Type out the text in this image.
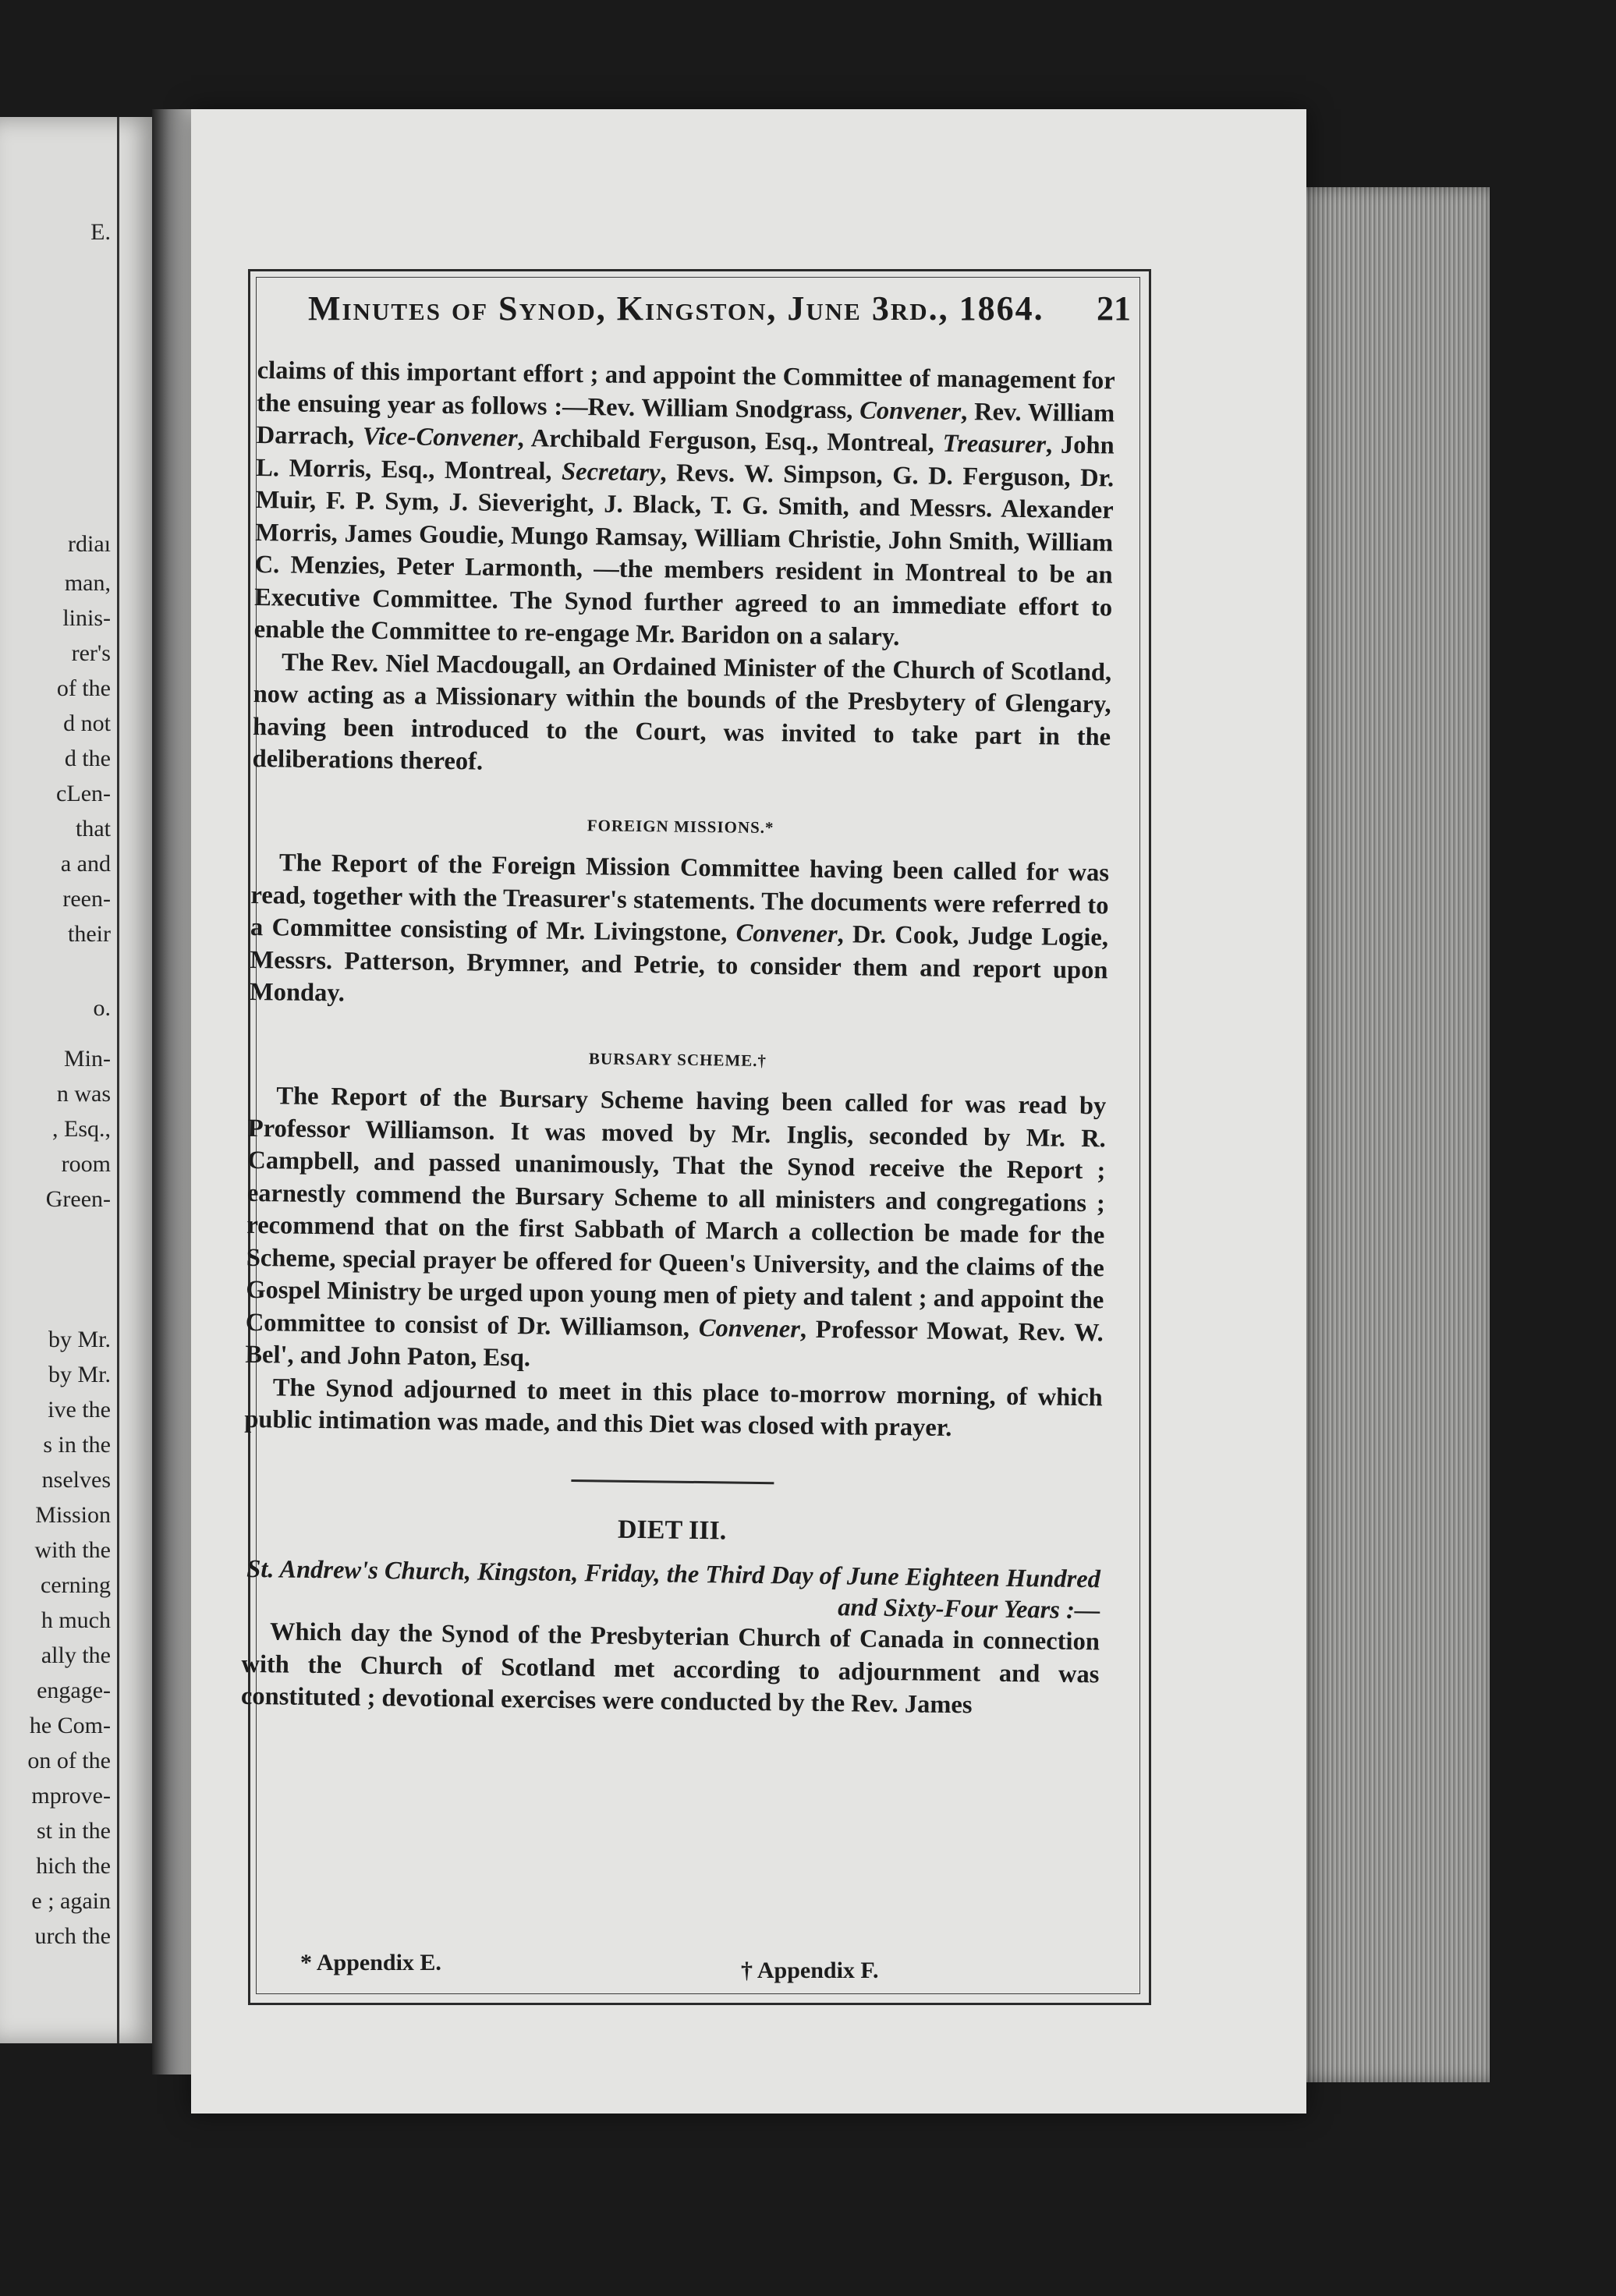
E.
rdiaı
man,
linis-
rer's
of the
d not
d the
cLen-
that
a and
reen-
their
o.
Min-
n was
, Esq.,
room
Green-
by Mr.
by Mr.
ive the
s in the
nselves
Mission
with the
cerning
h much
ally the
engage-
he Com-
on of the
mprove-
st in the
hich the
e ; again
urch the
Minutes of Synod, Kingston, June 3rd., 1864.	21

claims of this important effort ; and appoint the Committee of management for the ensuing year as follows :—Rev. William Snodgrass, Convener, Rev. William Darrach, Vice-Convener, Archibald Ferguson, Esq., Montreal, Treasurer, John L. Morris, Esq., Montreal, Secretary, Revs. W. Simpson, G. D. Ferguson, Dr. Muir, F. P. Sym, J. Sieveright, J. Black, T. G. Smith, and Messrs. Alexander Morris, James Goudie, Mungo Ramsay, William Christie, John Smith, William C. Menzies, Peter Larmonth, —the members resident in Montreal to be an Executive Committee. The Synod further agreed to an immediate effort to enable the Committee to re-engage Mr. Baridon on a salary.

The Rev. Niel Macdougall, an Ordained Minister of the Church of Scotland, now acting as a Missionary within the bounds of the Presbytery of Glengary, having been introduced to the Court, was invited to take part in the deliberations thereof.

FOREIGN MISSIONS.*

The Report of the Foreign Mission Committee having been called for was read, together with the Treasurer's statements. The documents were referred to a Committee consisting of Mr. Livingstone, Convener, Dr. Cook, Judge Logie, Messrs. Patterson, Brymner, and Petrie, to consider them and report upon Monday.

BURSARY SCHEME.†

The Report of the Bursary Scheme having been called for was read by Professor Williamson. It was moved by Mr. Inglis, seconded by Mr. R. Campbell, and passed unanimously, That the Synod receive the Report ; earnestly commend the Bursary Scheme to all ministers and congregations ; recommend that on the first Sabbath of March a collection be made for the Scheme, special prayer be offered for Queen's University, and the claims of the Gospel Ministry be urged upon young men of piety and talent ; and appoint the Committee to consist of Dr. Williamson, Convener, Professor Mowat, Rev. W. Bel', and John Paton, Esq.

The Synod adjourned to meet in this place to-morrow morning, of which public intimation was made, and this Diet was closed with prayer.

DIET III.

St. Andrew's Church, Kingston, Friday, the Third Day of June Eighteen Hundred and Sixty-Four Years :—

Which day the Synod of the Presbyterian Church of Canada in connection with the Church of Scotland met according to adjournment and was constituted ; devotional exercises were conducted by the Rev. James

* Appendix E.	† Appendix F.
